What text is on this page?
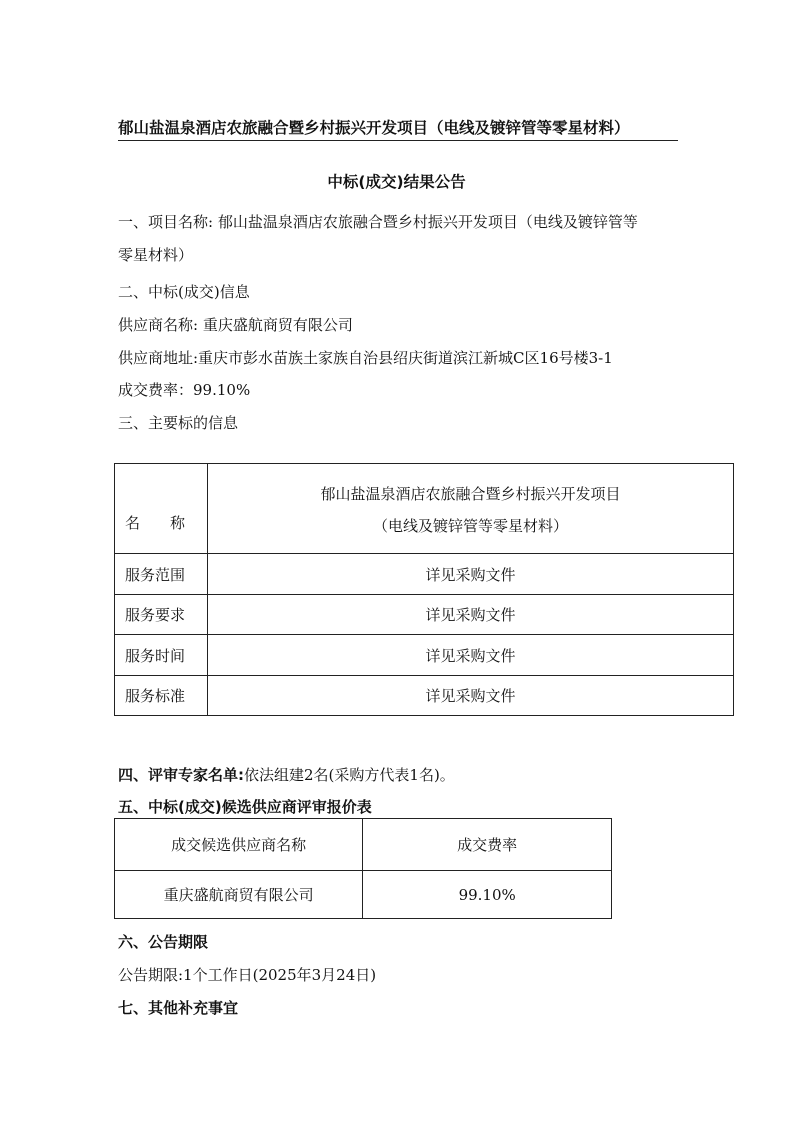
郁山盐温泉酒店农旅融合暨乡村振兴开发项目（电线及镀锌管等零星材料）
中标(成交)结果公告
一、项目名称: 郁山盐温泉酒店农旅融合暨乡村振兴开发项目（电线及镀锌管等
零星材料）
二、中标(成交)信息
供应商名称: 重庆盛航商贸有限公司
供应商地址:重庆市彭水苗族土家族自治县绍庆街道滨江新城C区16号楼3-1
成交费率：99.10%
三、主要标的信息
名 称	郁山盐温泉酒店农旅融合暨乡村振兴开发项目
（电线及镀锌管等零星材料）

服务范围	详见采购文件
服务要求	详见采购文件
服务时间	详见采购文件
服务标准	详见采购文件
四、评审专家名单:依法组建2名(采购方代表1名)。
五、中标(成交)候选供应商评审报价表
成交候选供应商名称	成交费率
重庆盛航商贸有限公司	99.10%
六、公告期限
公告期限:1个工作日(2025年3月24日)
七、其他补充事宜
